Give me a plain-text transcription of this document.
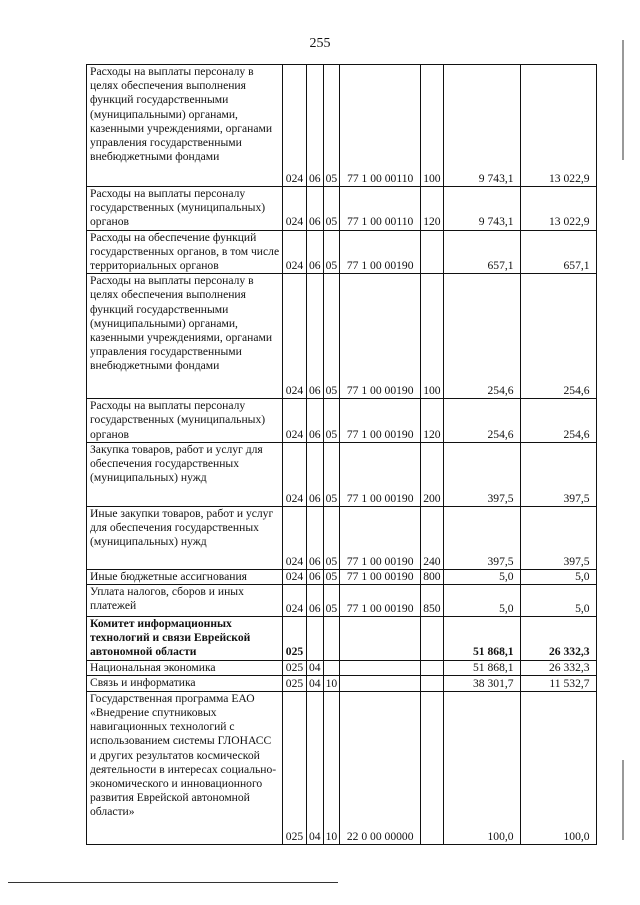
255
Расходы на выплаты персоналу в целях обеспечения выполнения функций государственными (муниципальными) органами, казенными учреждениями, органами управления государственными внебюджетными фондами	024	06	05	77 1 00 00110	100	9 743,1	13 022,9
Расходы на выплаты персоналу государственных (муниципальных) органов	024	06	05	77 1 00 00110	120	9 743,1	13 022,9
Расходы на обеспечение функций государственных органов, в том числе территориальных органов	024	06	05	77 1 00 00190		657,1	657,1
Расходы на выплаты персоналу в целях обеспечения выполнения функций государственными (муниципальными) органами, казенными учреждениями, органами управления государственными внебюджетными фондами	024	06	05	77 1 00 00190	100	254,6	254,6
Расходы на выплаты персоналу государственных (муниципальных) органов	024	06	05	77 1 00 00190	120	254,6	254,6
Закупка товаров, работ и услуг для обеспечения государственных (муниципальных) нужд	024	06	05	77 1 00 00190	200	397,5	397,5
Иные закупки товаров, работ и услуг для обеспечения государственных (муниципальных) нужд	024	06	05	77 1 00 00190	240	397,5	397,5
Иные бюджетные ассигнования	024	06	05	77 1 00 00190	800	5,0	5,0
Уплата налогов, сборов и иных платежей	024	06	05	77 1 00 00190	850	5,0	5,0
Комитет информационных технологий и связи Еврейской автономной области	025					51 868,1	26 332,3
Национальная экономика	025	04				51 868,1	26 332,3
Связь и информатика	025	04	10			38 301,7	11 532,7
Государственная программа ЕАО «Внедрение спутниковых навигационных технологий с использованием системы ГЛОНАСС и других результатов космической деятельности в интересах социально-экономического и инновационного развития Еврейской автономной области»	025	04	10	22 0 00 00000		100,0	100,0
